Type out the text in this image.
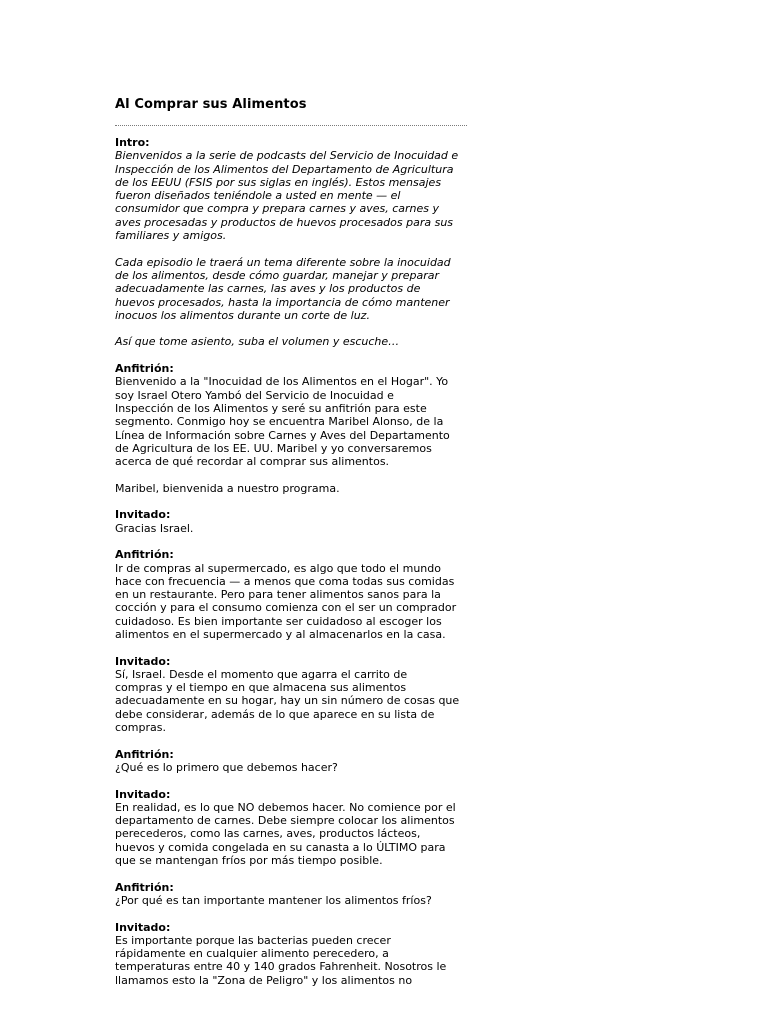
Al Comprar sus Alimentos
Intro:
Bienvenidos a la serie de podcasts del Servicio de Inocuidad e
Inspección de los Alimentos del Departamento de Agricultura
de los EEUU (FSIS por sus siglas en inglés). Estos mensajes
fueron diseñados teniéndole a usted en mente — el
consumidor que compra y prepara carnes y aves, carnes y
aves procesadas y productos de huevos procesados para sus
familiares y amigos.
Cada episodio le traerá un tema diferente sobre la inocuidad
de los alimentos, desde cómo guardar, manejar y preparar
adecuadamente las carnes, las aves y los productos de
huevos procesados, hasta la importancia de cómo mantener
inocuos los alimentos durante un corte de luz.
Así que tome asiento, suba el volumen y escuche…
Anfitrión:
Bienvenido a la "Inocuidad de los Alimentos en el Hogar". Yo
soy Israel Otero Yambó del Servicio de Inocuidad e
Inspección de los Alimentos y seré su anfitrión para este
segmento. Conmigo hoy se encuentra Maribel Alonso, de la
Línea de Información sobre Carnes y Aves del Departamento
de Agricultura de los EE. UU. Maribel y yo conversaremos
acerca de qué recordar al comprar sus alimentos.
Maribel, bienvenida a nuestro programa.
Invitado:
Gracias Israel.
Anfitrión:
Ir de compras al supermercado, es algo que todo el mundo
hace con frecuencia — a menos que coma todas sus comidas
en un restaurante. Pero para tener alimentos sanos para la
cocción y para el consumo comienza con el ser un comprador
cuidadoso. Es bien importante ser cuidadoso al escoger los
alimentos en el supermercado y al almacenarlos en la casa.
Invitado:
Sí, Israel. Desde el momento que agarra el carrito de
compras y el tiempo en que almacena sus alimentos
adecuadamente en su hogar, hay un sin número de cosas que
debe considerar, además de lo que aparece en su lista de
compras.
Anfitrión:
¿Qué es lo primero que debemos hacer?
Invitado:
En realidad, es lo que NO debemos hacer. No comience por el
departamento de carnes. Debe siempre colocar los alimentos
perecederos, como las carnes, aves, productos lácteos,
huevos y comida congelada en su canasta a lo ÚLTIMO para
que se mantengan fríos por más tiempo posible.
Anfitrión:
¿Por qué es tan importante mantener los alimentos fríos?
Invitado:
Es importante porque las bacterias pueden crecer
rápidamente en cualquier alimento perecedero, a
temperaturas entre 40 y 140 grados Fahrenheit. Nosotros le
llamamos esto la "Zona de Peligro" y los alimentos no
